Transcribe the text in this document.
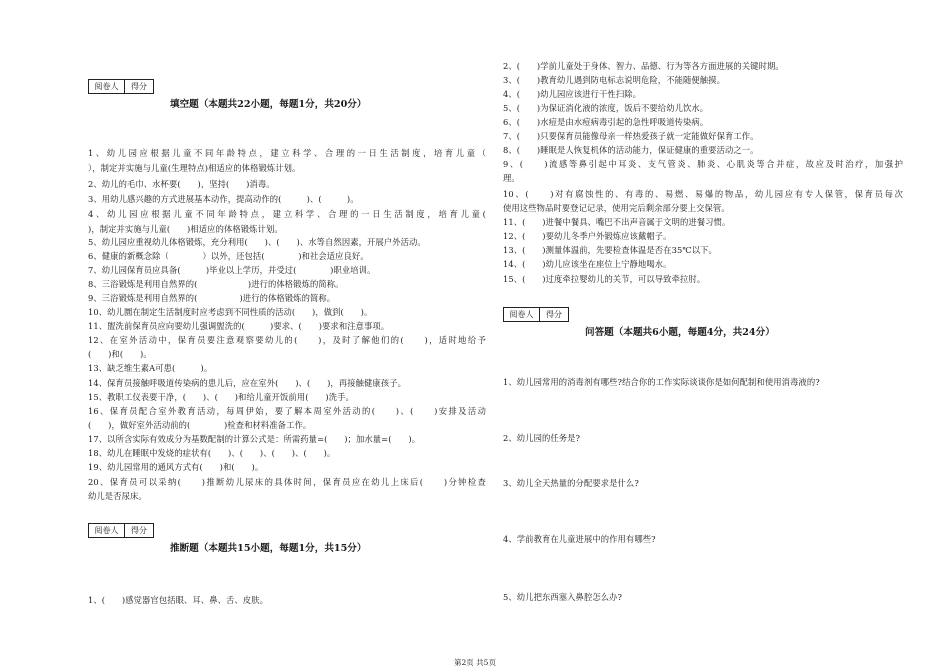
阅卷人	得分
填空题（本题共22小题，每题1分，共20分）
1、幼儿园应根据儿童不同年龄特点，建立科学、合理的一日生活制度，培育儿童（
），制定并实施与儿童(生理特点)相适应的体格锻炼计划。
2、幼儿的毛巾、水杯要(　　)，坚持(　　)消毒。
3、用幼儿感兴趣的方式进展基本动作，提高动作的(　　　)、(　　　)。
4、幼儿园应根据儿童不同年龄特点，建立科学、合理的一日生活制度，培育儿童(
)，制定并实施与儿童(　　)相适应的体格锻炼计划。
5、幼儿园应重视幼儿体格锻炼，充分利用(　　)、(　　)、水等自然因素，开展户外活动。
6、健康的新概念除（　　　　）以外，还包括(　　　　)和社会适应良好。
7、幼儿园保育员应具备(　　　)毕业以上学历，并受过(　　　　)职业培训。
8、三浴锻炼是利用自然界的(　　　　　　)进行的体格锻炼的简称。
9、三浴锻炼是利用自然界的(　　　　　)进行的体格锻炼的简称。
10、幼儿圜在制定生活制度时应考虑到不同性质的活动(　　)，做到(　　)。
11、盥洗前保育员应向要幼儿强调盥洗的(　　　)要求、(　　)要求和注意事项。
12、在室外活动中，保育员要注意观察要幼儿的(　　)，及时了解他们的(　　)，适时地给予
(　　)和(　　)。
13、缺乏维生素A可患(　　　)。
14、保育员接触呼吸道传染病的患儿后，应在室外(　　)、(　　)，再接触健康孩子。
15、教职工仪表要干净，(　　)、(　　)和给儿童开饭前用(　　)洗手。
16、保育员配合室外教育活动，每周伊始，要了解本周室外活动的(　　)、(　　)安排及活动
(　　)，做好室外活动前的(　　　　)检查和材料准备工作。
17、以所含实际有效成分为基数配制的计算公式是：所需药量=(　　)；加水量=(　　)。
18、幼儿在睡眠中发烧的症状有(　　)、(　　)、(　　)、(　　)。
19、幼儿园常用的通风方式有(　　)和(　　)。
20、保育员可以采纳(　　)推断幼儿尿床的具体时间，保育员应在幼儿上床后(　　)分钟检查
幼儿是否尿床。
阅卷人	得分
推断题（本题共15小题，每题1分，共15分）
1、(　　)感觉器官包括眼、耳、鼻、舌、皮肤。
2、(　　)学前儿童处于身体、智力、品德、行为等各方面进展的关键时期。
3、(　　)教育幼儿遇到防电标志说明危险，不能随便触摸。
4、(　　)幼儿园应该进行干性扫除。
5、(　　)为保证消化液的浓度，饭后不要给幼儿饮水。
6、(　　)水痘是由水痘病毒引起的急性呼吸道传染病。
7、(　　)只要保育员能像母亲一样热爱孩子就一定能做好保育工作。
8、(　　)睡眠是人恢复机体的活动能力，保证健康的重要活动之一。
9、(　　)流感等鼻引起中耳炎、支气管炎、肺炎、心肌炎等合并症，故应及时治疗，加强护
理。
10、(　　)对有腐蚀性的、有毒的、易燃、易爆的物品，幼儿园应有专人保管，保育员每次
使用这些物品时要登记记录，使用完后剩余部分要上交保管。
11、(　　)进餐中餐具、嘴巴不出声音属于文明的进餐习惯。
12、(　　)要幼儿冬季户外锻炼应该戴帽子。
13、(　　)测量体温前，先要检查体温是否在35℃以下。
14、(　　)幼儿应该坐在座位上宁静地喝水。
15、(　　)过度牵拉婴幼儿的关节，可以导致牵拉肘。
阅卷人	得分
问答题（本题共6小题，每题4分，共24分）
1、幼儿园常用的消毒剂有哪些?结合你的工作实际谈谈你是如何配制和使用消毒液的?
2、幼儿园的任务是?
3、幼儿全天热量的分配要求是什么?
4、学前教育在儿童进展中的作用有哪些?
5、幼儿把东西塞入鼻腔怎么办?
第2页 共5页
